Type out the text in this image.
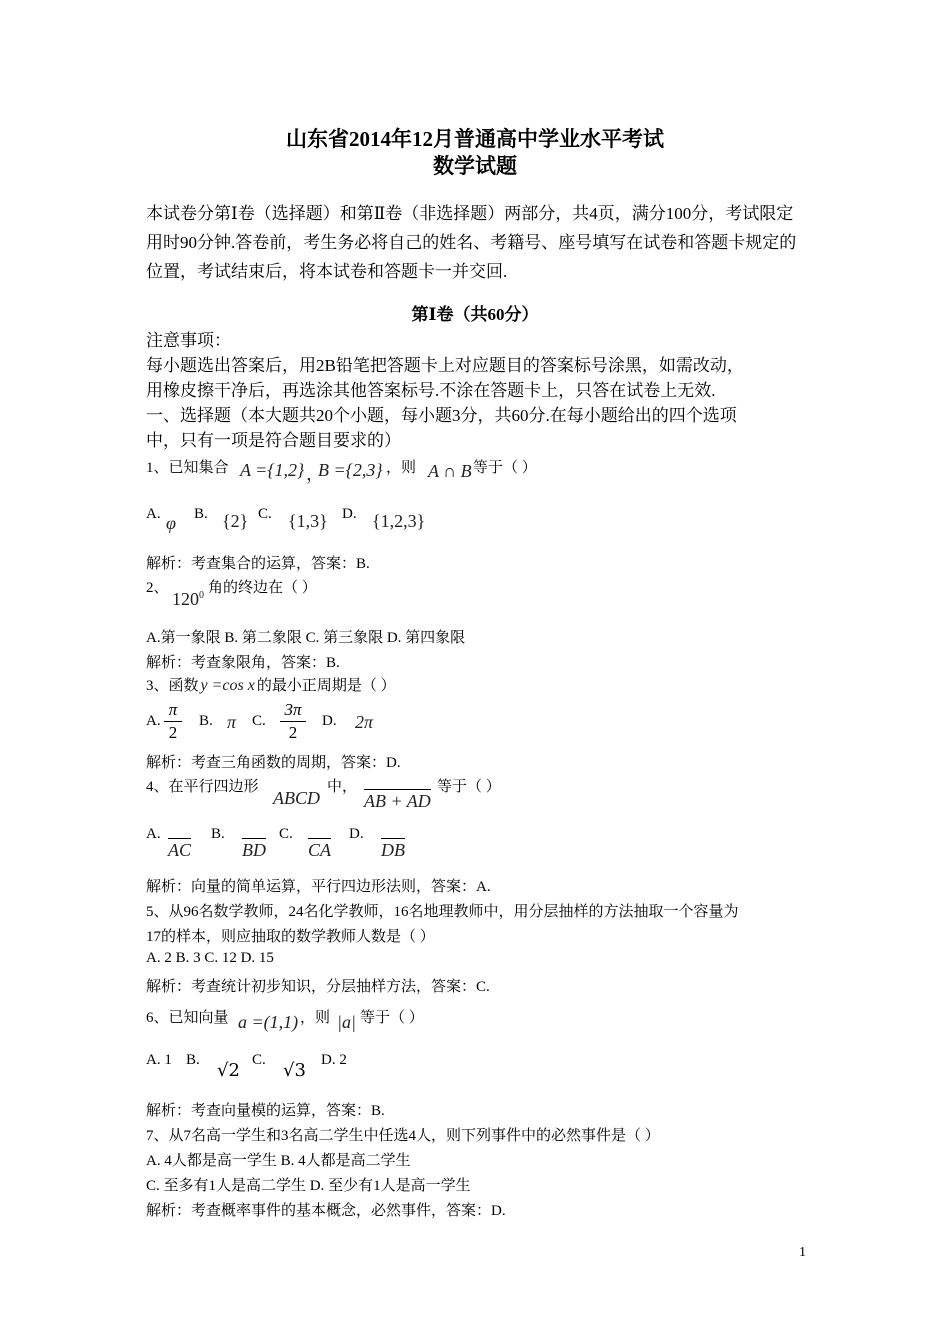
山东省2014年12月普通高中学业水平考试
数学试题
本试卷分第Ⅰ卷（选择题）和第Ⅱ卷（非选择题）两部分，共4页，满分100分，考试限定用时90分钟.答卷前，考生务必将自己的姓名、考籍号、座号填写在试卷和答题卡规定的位置，考试结束后，将本试卷和答题卡一并交回.
第Ⅰ卷（共60分）
注意事项：
每小题选出答案后，用2B铅笔把答题卡上对应题目的答案标号涂黑，如需改动，
用橡皮擦干净后，再选涂其他答案标号.不涂在答题卡上，只答在试卷上无效.
一、选择题（本大题共20个小题，每小题3分，共60分.在每小题给出的四个选项
中，只有一项是符合题目要求的）
1、已知集合 A ={1,2} ，
B ={2,3} ，则 A ∩ B 等于（ ）
A. φ B. {2} C. {1,3} D. {1,2,3}
解析：考查集合的运算，答案：B.
2、
$120^0$ 角的终边在（ ）
A.第一象限 B. 第二象限 C. 第三象限 D. 第四象限
解析：考查象限角，答案：B.
3、函数 y =cos x 的最小正周期是（ ）
A.
π
2
B. π C.
3π
2
D. 2π
解析：考查三角函数的周期，答案：D.
4、在平行四边形
ABCD
中，
AB + AD
等于（ ）
A.
AC
B.
BD
C.
CA
D.
DB
解析：向量的简单运算，平行四边形法则，答案：A.
5、从96名数学教师，24名化学教师，16名地理教师中，用分层抽样的方法抽取一个容量为
17的样本，则应抽取的数学教师人数是（ ）
A. 2 B. 3 C. 12 D. 15
解析：考查统计初步知识，分层抽样方法，答案：C.
6、已知向量 a =(1,1) ，则 |a| 等于（ ）
A. 1 B. √2 C. √3 D. 2
解析：考查向量模的运算，答案：B.
7、从7名高一学生和3名高二学生中任选4人，则下列事件中的必然事件是（ ）
A. 4人都是高一学生 B. 4人都是高二学生
C. 至多有1人是高二学生 D. 至少有1人是高一学生
解析：考查概率事件的基本概念，必然事件，答案：D.
1
